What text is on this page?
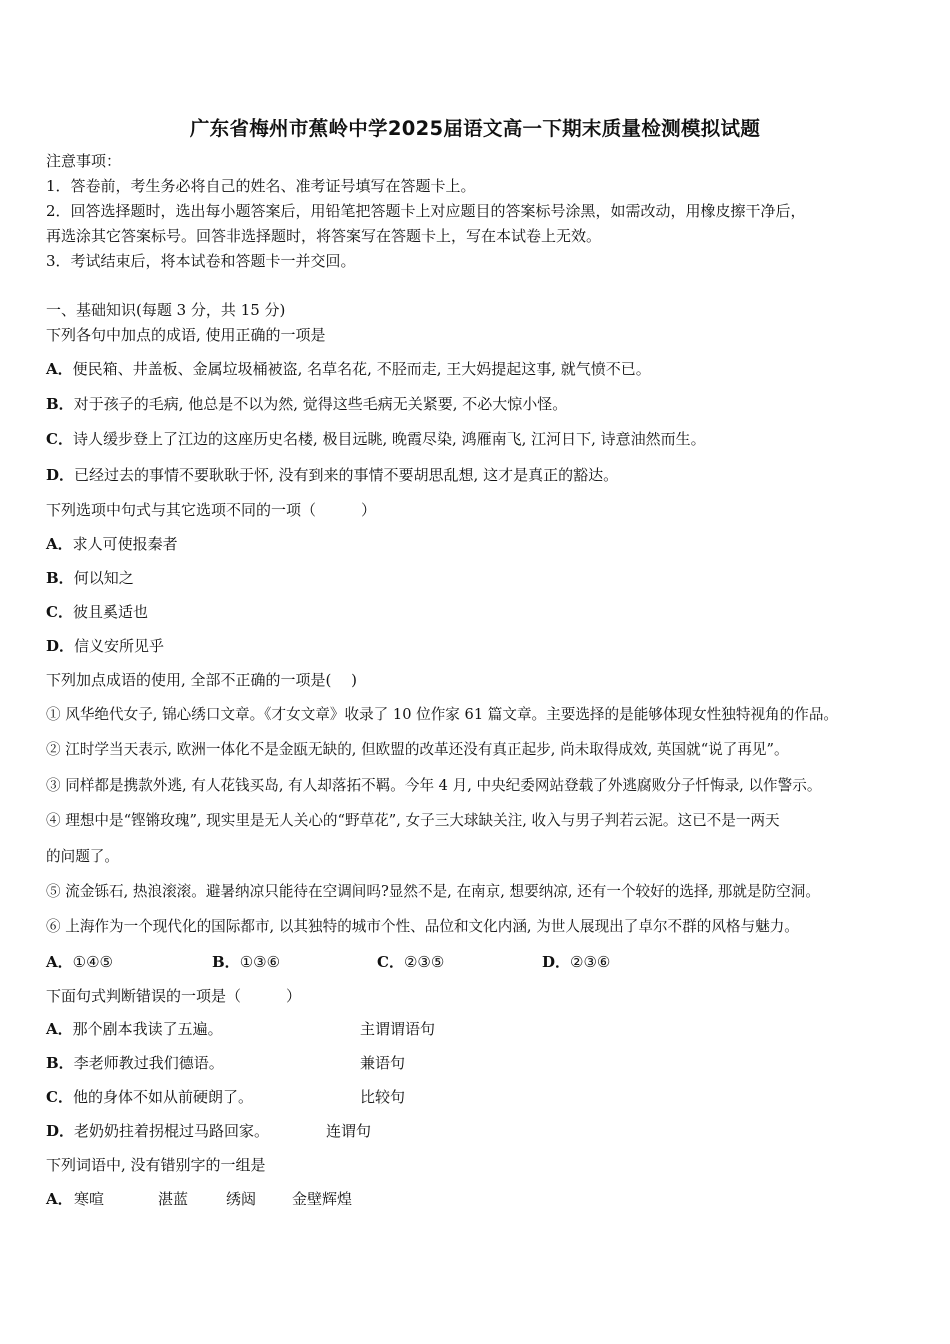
广东省梅州市蕉岭中学2025届语文高一下期末质量检测模拟试题
注意事项：
1．答卷前，考生务必将自己的姓名、准考证号填写在答题卡上。
2．回答选择题时，选出每小题答案后，用铅笔把答题卡上对应题目的答案标号涂黑，如需改动，用橡皮擦干净后，
再选涂其它答案标号。回答非选择题时，将答案写在答题卡上，写在本试卷上无效。
3．考试结束后，将本试卷和答题卡一并交回。
一、基础知识(每题 3 分，共 15 分)
下列各句中加点的成语, 使用正确的一项是
A．便民箱、井盖板、金属垃圾桶被盗, 名草名花, 不胫而走, 王大妈提起这事, 就气愤不已。
B．对于孩子的毛病, 他总是不以为然, 觉得这些毛病无关紧要, 不必大惊小怪。
C．诗人缓步登上了江边的这座历史名楼, 极目远眺, 晚霞尽染, 鸿雁南飞, 江河日下, 诗意油然而生。
D．已经过去的事情不要耿耿于怀, 没有到来的事情不要胡思乱想, 这才是真正的豁达。
下列选项中句式与其它选项不同的一项（　　　）
A．求人可使报秦者
B．何以知之
C．彼且奚适也
D．信义安所见乎
下列加点成语的使用, 全部不正确的一项是(　 )
① 风华绝代女子, 锦心绣口文章。《才女文章》收录了 10 位作家 61 篇文章。主要选择的是能够体现女性独特视角的作品。
② 江时学当天表示, 欧洲一体化不是金瓯无缺的, 但欧盟的改革还没有真正起步, 尚未取得成效, 英国就“说了再见”。
③ 同样都是携款外逃, 有人花钱买岛, 有人却落拓不羁。今年 4 月, 中央纪委网站登载了外逃腐败分子忏悔录, 以作警示。
④ 理想中是“铿锵玫瑰”, 现实里是无人关心的“野草花”, 女子三大球缺关注, 收入与男子判若云泥。这已不是一两天
的问题了。
⑤ 流金铄石, 热浪滚滚。避暑纳凉只能待在空调间吗?显然不是, 在南京, 想要纳凉, 还有一个较好的选择, 那就是防空洞。
⑥ 上海作为一个现代化的国际都市, 以其独特的城市个性、品位和文化内涵, 为世人展现出了卓尔不群的风格与魅力。
A．①④⑤	B．①③⑥	C．②③⑤	D．②③⑥
下面句式判断错误的一项是（　　　）
A．那个剧本我读了五遍。	主谓谓语句
B．李老师教过我们德语。	兼语句
C．他的身体不如从前硬朗了。	比较句
D．老奶奶拄着拐棍过马路回家。	连谓句
下列词语中, 没有错别字的一组是
A． 寒喧	湛蓝	绣闼 金壁辉煌
